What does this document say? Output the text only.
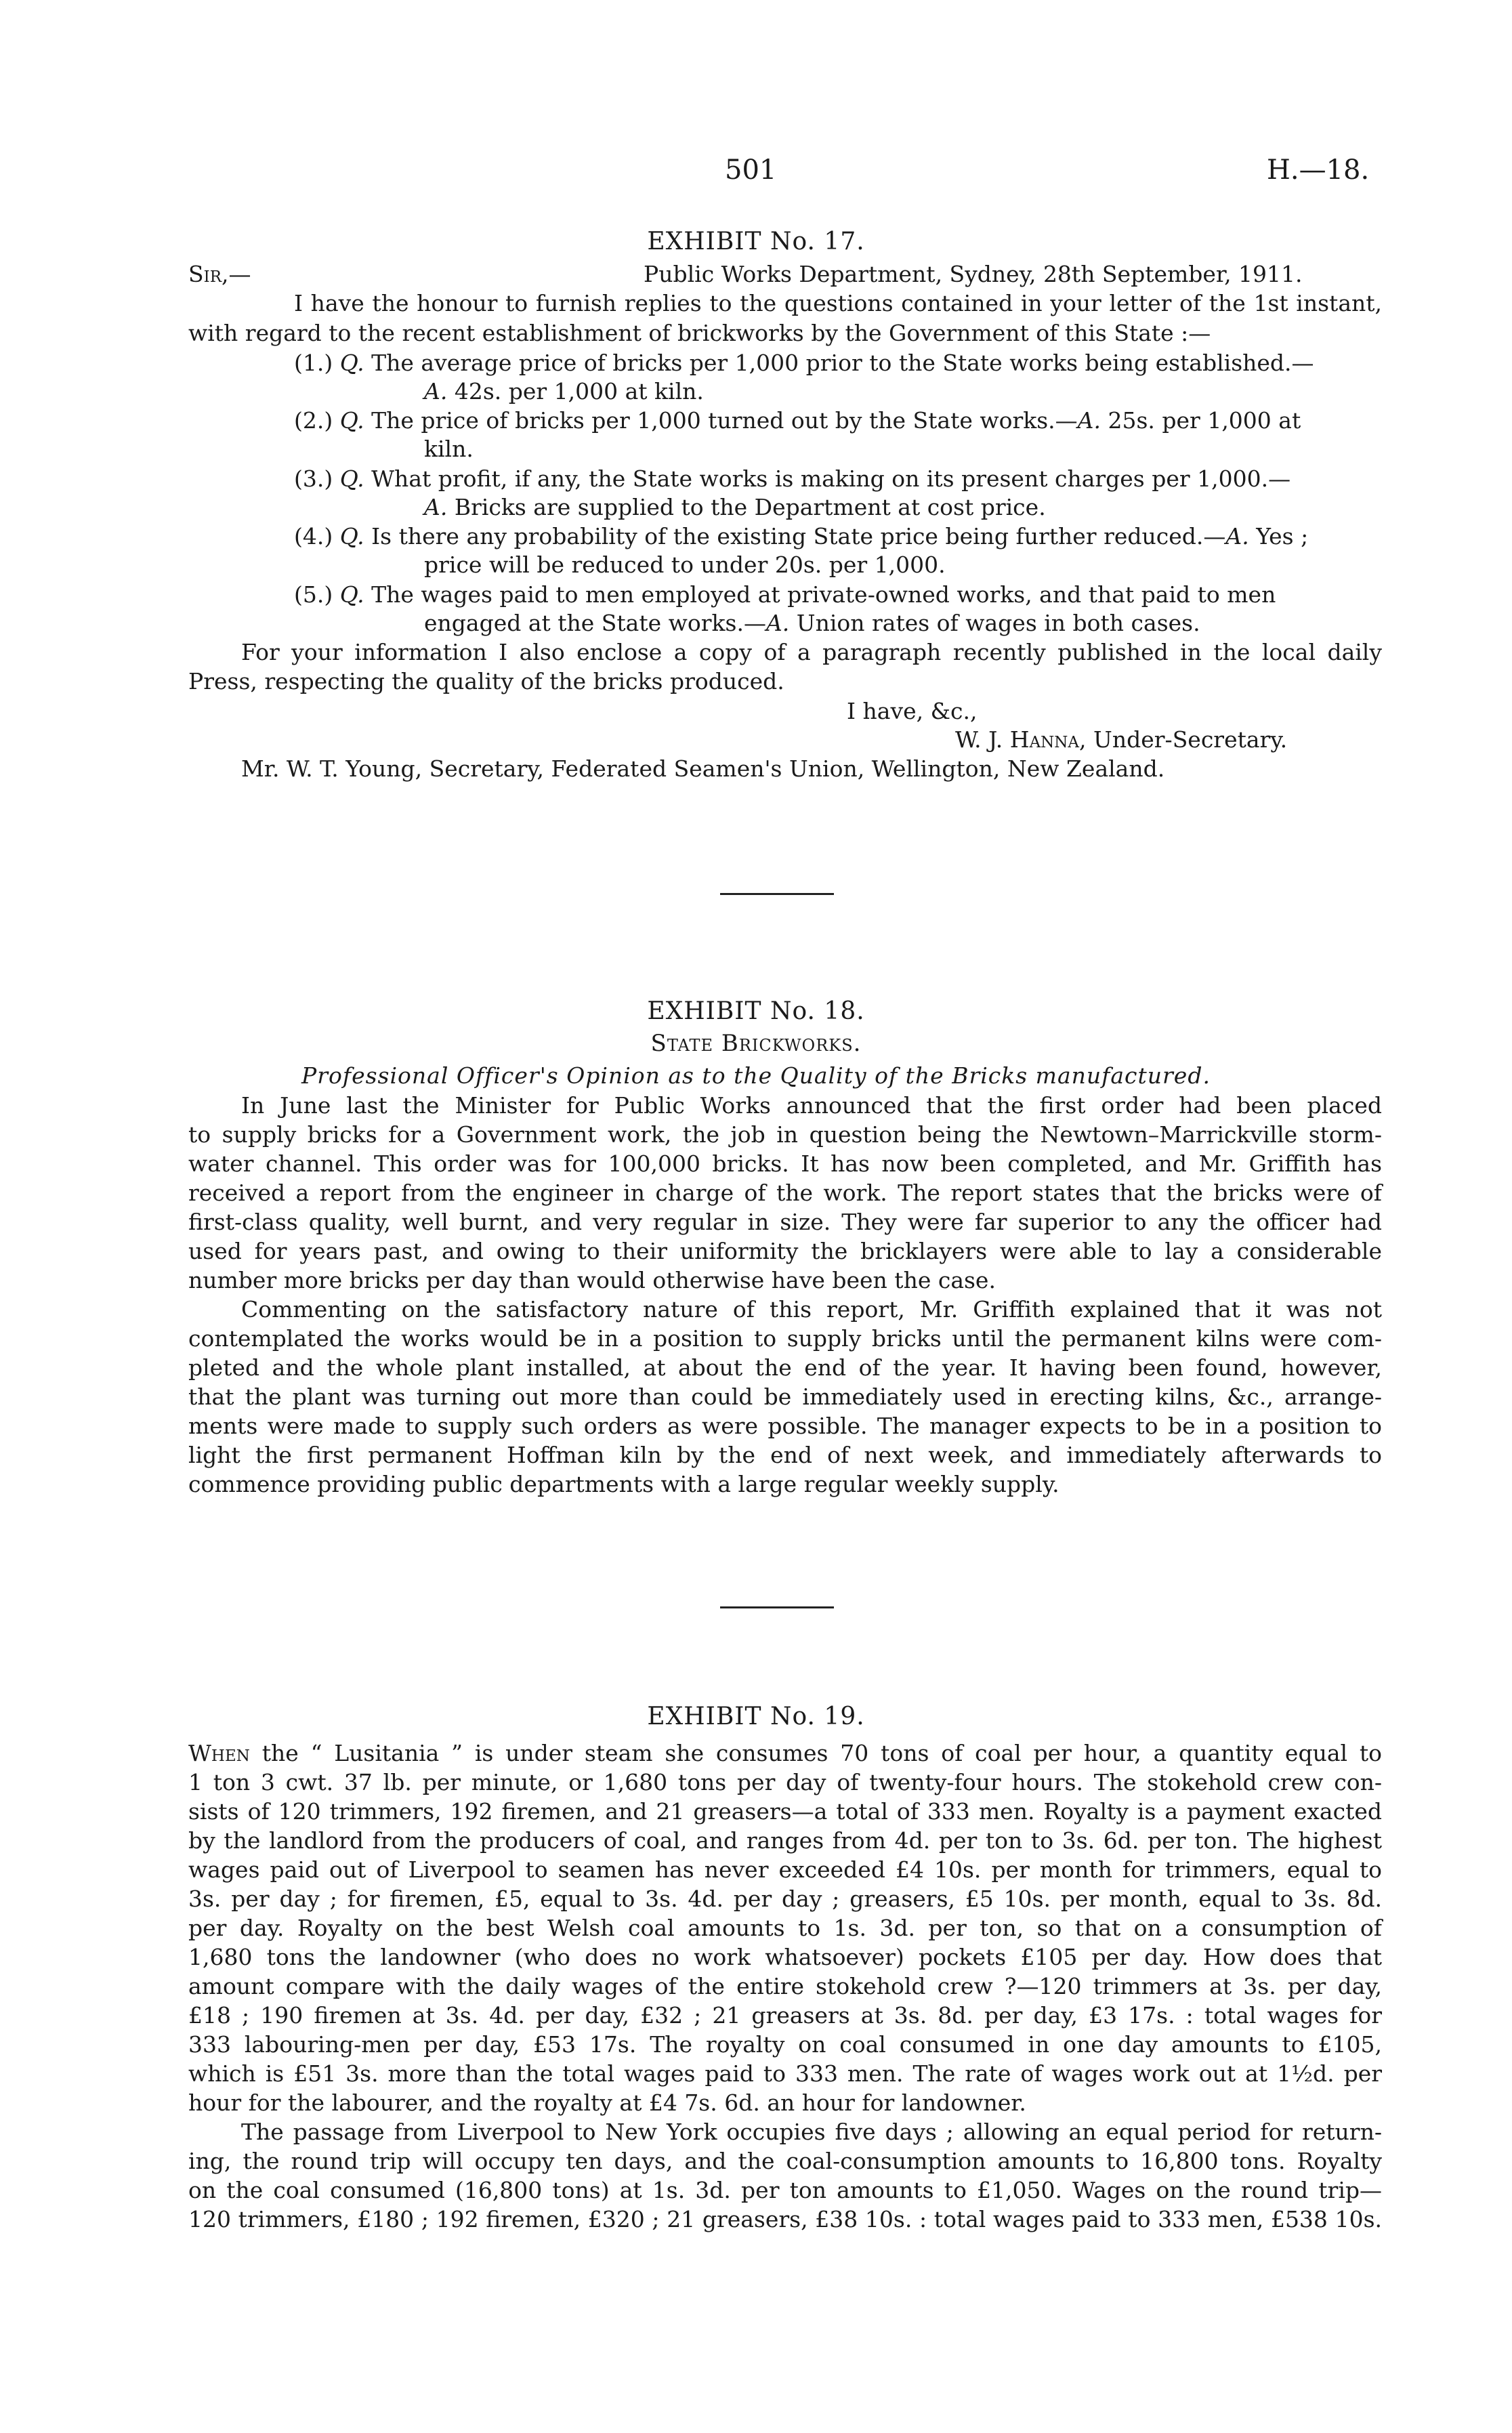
501	H.—18.
EXHIBIT No. 17.
Sir,—	Public Works Department, Sydney, 28th September, 1911.
I have the honour to furnish replies to the questions contained in your letter of the 1st instant,
with regard to the recent establishment of brickworks by the Government of this State :—
(1.) Q. The average price of bricks per 1,000 prior to the State works being established.—
A. 42s. per 1,000 at kiln.
(2.) Q. The price of bricks per 1,000 turned out by the State works.—A. 25s. per 1,000 at
kiln.
(3.) Q. What profit, if any, the State works is making on its present charges per 1,000.—
A. Bricks are supplied to the Department at cost price.
(4.) Q. Is there any probability of the existing State price being further reduced.—A. Yes ;
price will be reduced to under 20s. per 1,000.
(5.) Q. The wages paid to men employed at private-owned works, and that paid to men
engaged at the State works.—A. Union rates of wages in both cases.
For your information I also enclose a copy of a paragraph recently published in the local daily
Press, respecting the quality of the bricks produced.
I have, &c.,
W. J. Hanna, Under-Secretary.
Mr. W. T. Young, Secretary, Federated Seamen's Union, Wellington, New Zealand.
EXHIBIT No. 18.
State Brickworks.
Professional Officer's Opinion as to the Quality of the Bricks manufactured.
In June last the Minister for Public Works announced that the first order had been placed
to supply bricks for a Government work, the job in question being the Newtown–Marrickville storm-
water channel. This order was for 100,000 bricks. It has now been completed, and Mr. Griffith has
received a report from the engineer in charge of the work. The report states that the bricks were of
first-class quality, well burnt, and very regular in size. They were far superior to any the officer had
used for years past, and owing to their uniformity the bricklayers were able to lay a considerable
number more bricks per day than would otherwise have been the case.
Commenting on the satisfactory nature of this report, Mr. Griffith explained that it was not
contemplated the works would be in a position to supply bricks until the permanent kilns were com-
pleted and the whole plant installed, at about the end of the year. It having been found, however,
that the plant was turning out more than could be immediately used in erecting kilns, &c., arrange-
ments were made to supply such orders as were possible. The manager expects to be in a position to
light the first permanent Hoffman kiln by the end of next week, and immediately afterwards to
commence providing public departments with a large regular weekly supply.
EXHIBIT No. 19.
When the “ Lusitania ” is under steam she consumes 70 tons of coal per hour, a quantity equal to
1 ton 3 cwt. 37 lb. per minute, or 1,680 tons per day of twenty-four hours. The stokehold crew con-
sists of 120 trimmers, 192 firemen, and 21 greasers—a total of 333 men. Royalty is a payment exacted
by the landlord from the producers of coal, and ranges from 4d. per ton to 3s. 6d. per ton. The highest
wages paid out of Liverpool to seamen has never exceeded £4 10s. per month for trimmers, equal to
3s. per day ; for firemen, £5, equal to 3s. 4d. per day ; greasers, £5 10s. per month, equal to 3s. 8d.
per day. Royalty on the best Welsh coal amounts to 1s. 3d. per ton, so that on a consumption of
1,680 tons the landowner (who does no work whatsoever) pockets £105 per day. How does that
amount compare with the daily wages of the entire stokehold crew ?—120 trimmers at 3s. per day,
£18 ; 190 firemen at 3s. 4d. per day, £32 ; 21 greasers at 3s. 8d. per day, £3 17s. : total wages for
333 labouring-men per day, £53 17s. The royalty on coal consumed in one day amounts to £105,
which is £51 3s. more than the total wages paid to 333 men. The rate of wages work out at 1½d. per
hour for the labourer, and the royalty at £4 7s. 6d. an hour for landowner.
The passage from Liverpool to New York occupies five days ; allowing an equal period for return-
ing, the round trip will occupy ten days, and the coal-consumption amounts to 16,800 tons. Royalty
on the coal consumed (16,800 tons) at 1s. 3d. per ton amounts to £1,050. Wages on the round trip—
120 trimmers, £180 ; 192 firemen, £320 ; 21 greasers, £38 10s. : total wages paid to 333 men, £538 10s.
